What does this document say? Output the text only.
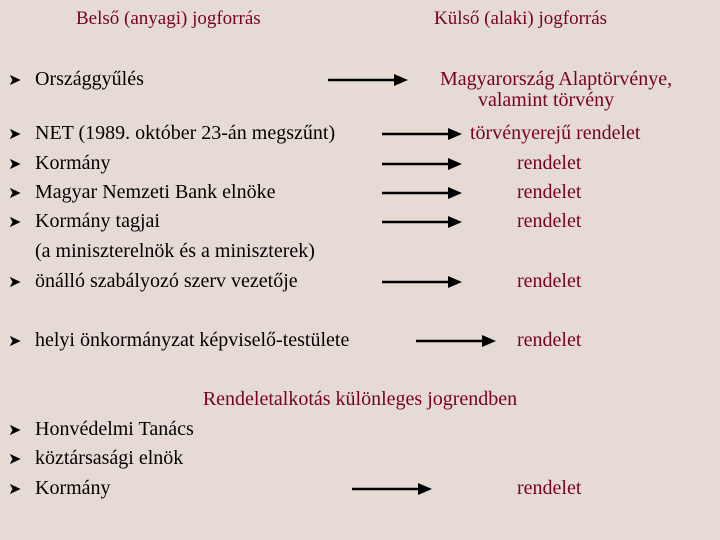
Belső (anyagi) jogforrás	Külső (alaki) jogforrás
➤ Országgyűlés	Magyarország Alaptörvénye,
valamint törvény
➤ NET (1989. október 23-án megszűnt)	törvényerejű rendelet
➤ Kormány	rendelet
➤ Magyar Nemzeti Bank elnöke	rendelet
➤ Kormány tagjai	rendelet
(a miniszterelnök és a miniszterek)
➤ önálló szabályozó szerv vezetője	rendelet
➤ helyi önkormányzat képviselő-testülete	rendelet
Rendeletalkotás különleges jogrendben
➤ Honvédelmi Tanács
➤ köztársasági elnök
➤ Kormány	rendelet
